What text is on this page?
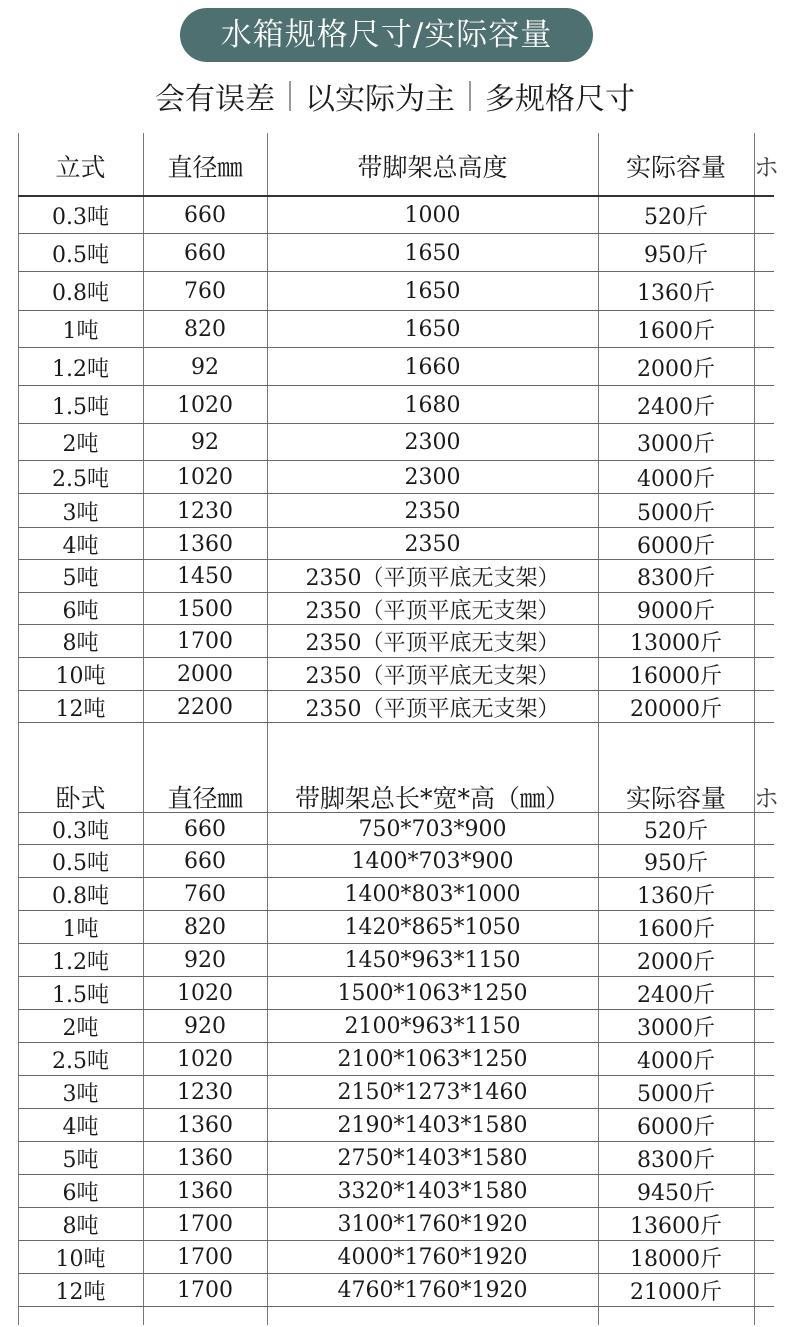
水箱规格尺寸/实际容量
会有误差 以实际为主 多规格尺寸
立式	直径㎜	带脚架总高度	实际容量	ホ
0.3吨	660	1000	520斤
0.5吨	660	1650	950斤
0.8吨	760	1650	1360斤
1吨	820	1650	1600斤
1.2吨	92	1660	2000斤
1.5吨	1020	1680	2400斤
2吨	92	2300	3000斤
2.5吨	1020	2300	4000斤
3吨	1230	2350	5000斤
4吨	1360	2350	6000斤
5吨	1450	2350（平顶平底无支架）	8300斤
6吨	1500	2350（平顶平底无支架）	9000斤
8吨	1700	2350（平顶平底无支架）	13000斤
10吨	2000	2350（平顶平底无支架）	16000斤
12吨	2200	2350（平顶平底无支架）	20000斤
卧式	直径㎜	带脚架总长*宽*高（㎜）	实际容量	ホ
0.3吨	660	750*703*900	520斤
0.5吨	660	1400*703*900	950斤
0.8吨	760	1400*803*1000	1360斤
1吨	820	1420*865*1050	1600斤
1.2吨	920	1450*963*1150	2000斤
1.5吨	1020	1500*1063*1250	2400斤
2吨	920	2100*963*1150	3000斤
2.5吨	1020	2100*1063*1250	4000斤
3吨	1230	2150*1273*1460	5000斤
4吨	1360	2190*1403*1580	6000斤
5吨	1360	2750*1403*1580	8300斤
6吨	1360	3320*1403*1580	9450斤
8吨	1700	3100*1760*1920	13600斤
10吨	1700	4000*1760*1920	18000斤
12吨	1700	4760*1760*1920	21000斤
